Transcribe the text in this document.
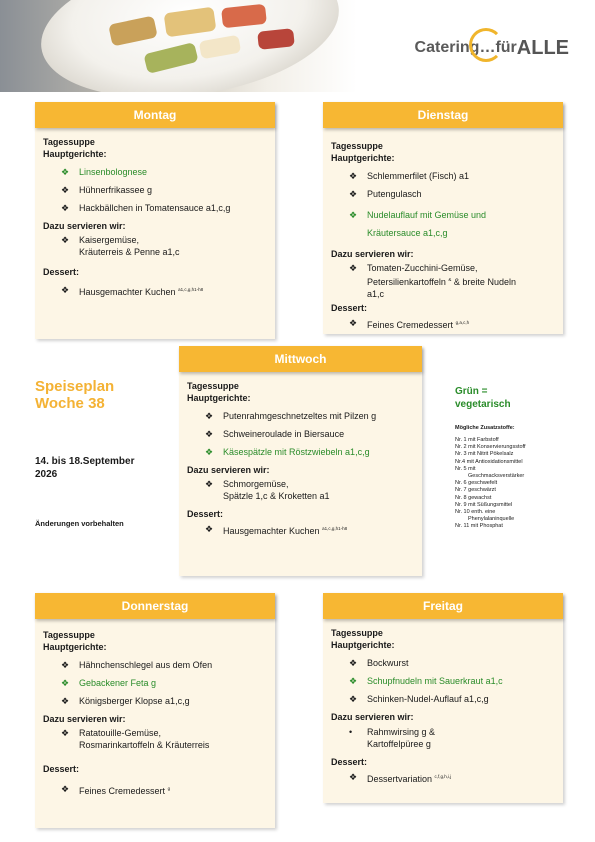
Catering …für ALLE
Montag
Tagessuppe
Hauptgerichte:
❖ Linsenbolognese
❖ Hühnerfrikassee g
❖ Hackbällchen in Tomatensauce a1,c,g
Dazu servieren wir:
❖ Kaisergemüse,
Kräuterreis & Penne a1,c
Dessert:
❖ Hausgemachter Kuchen $^{a1,c,g,h1-h8}$
Dienstag
Tagessuppe
Hauptgerichte:
❖ Schlemmerfilet (Fisch) a1
❖ Putengulasch
❖ Nudelauflauf mit Gemüse und
Kräutersauce a1,c,g
Dazu servieren wir:
❖ Tomaten-Zucchini-Gemüse,
Petersilienkartoffeln & & breite Nudeln
a1,c
Dessert:
❖ Feines Cremedessert $^{g,a,c,h}$
Mittwoch
Tagessuppe
Hauptgerichte:
❖ Putenrahmgeschnetzeltes mit Pilzen g
❖ Schweineroulade in Biersauce
❖ Käsespätzle mit Röstzwiebeln a1,c,g
Dazu servieren wir:
❖ Schmorgemüse,
Spätzle 1,c & Kroketten a1
Dessert:
❖ Hausgemachter Kuchen $^{a1,c,g,h1-h8}$
Speiseplan
Woche 38
14. bis 18.September
2026
Änderungen vorbehalten
Grün =
vegetarisch
Mögliche Zusatzstoffe:
Nr. 1 mit Farbstoff
Nr. 2 mit Konservierungsstoff
Nr. 3 mit Nitrit Pökelsalz
Nr.4 mit Antioxidationsmittel
Nr. 5 mit
Geschmacksverstärker
Nr. 6 geschwefelt
Nr. 7 geschwärzt
Nr. 8 gewachst
Nr. 9 mit Süßungsmittel
Nr. 10 enth. eine
Phenylalaninquelle
Nr. 11 mit Phosphat
Donnerstag
Tagessuppe
Hauptgerichte:
❖ Hähnchenschlegel aus dem Ofen
❖ Gebackener Feta g
❖ Königsberger Klopse a1,c,g
Dazu servieren wir:
❖ Ratatouille-Gemüse,
Rosmarinkartoffeln & Kräuterreis
Dessert:
❖ Feines Cremedessert $^g$
Freitag
Tagessuppe
Hauptgerichte:
❖ Bockwurst
❖ Schupfnudeln mit Sauerkraut a1,c
❖ Schinken-Nudel-Auflauf a1,c,g
Dazu servieren wir:
• Rahmwirsing g &
Kartoffelpüree g
Dessert:
❖ Dessertvariation $^{c,f,g,h,i,j}$
